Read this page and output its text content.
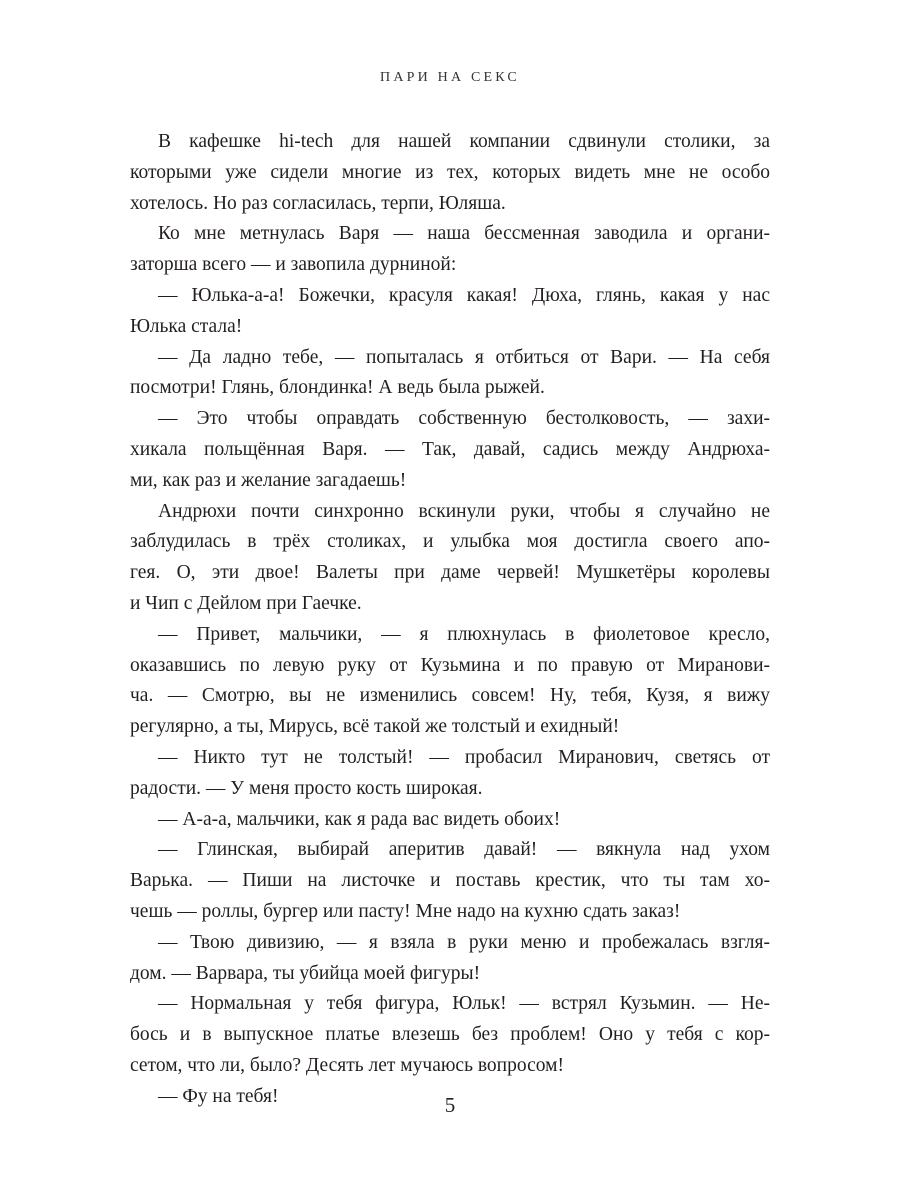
ПАРИ НА СЕКС
В кафешке hi-tech для нашей компании сдвинули столики, за
которыми уже сидели многие из тех, которых видеть мне не особо
хотелось. Но раз согласилась, терпи, Юляша.
Ко мне метнулась Варя — наша бессменная заводила и органи-
заторша всего — и завопила дурниной:
— Юлька-а-а! Божечки, красуля какая! Дюха, глянь, какая у нас
Юлька стала!
— Да ладно тебе, — попыталась я отбиться от Вари. — На себя
посмотри! Глянь, блондинка! А ведь была рыжей.
— Это чтобы оправдать собственную бестолковость, — захи-
хикала польщённая Варя. — Так, давай, садись между Андрюха-
ми, как раз и желание загадаешь!
Андрюхи почти синхронно вскинули руки, чтобы я случайно не
заблудилась в трёх столиках, и улыбка моя достигла своего апо-
гея. О, эти двое! Валеты при даме червей! Мушкетёры королевы
и Чип с Дейлом при Гаечке.
— Привет, мальчики, — я плюхнулась в фиолетовое кресло,
оказавшись по левую руку от Кузьмина и по правую от Миранови-
ча. — Смотрю, вы не изменились совсем! Ну, тебя, Кузя, я вижу
регулярно, а ты, Мирусь, всё такой же толстый и ехидный!
— Никто тут не толстый! — пробасил Миранович, светясь от
радости. — У меня просто кость широкая.
— А-а-а, мальчики, как я рада вас видеть обоих!
— Глинская, выбирай аперитив давай! — вякнула над ухом
Варька. — Пиши на листочке и поставь крестик, что ты там хо-
чешь — роллы, бургер или пасту! Мне надо на кухню сдать заказ!
— Твою дивизию, — я взяла в руки меню и пробежалась взгля-
дом. — Варвара, ты убийца моей фигуры!
— Нормальная у тебя фигура, Юльк! — встрял Кузьмин. — Не-
бось и в выпускное платье влезешь без проблем! Оно у тебя с кор-
сетом, что ли, было? Десять лет мучаюсь вопросом!
— Фу на тебя!	5
